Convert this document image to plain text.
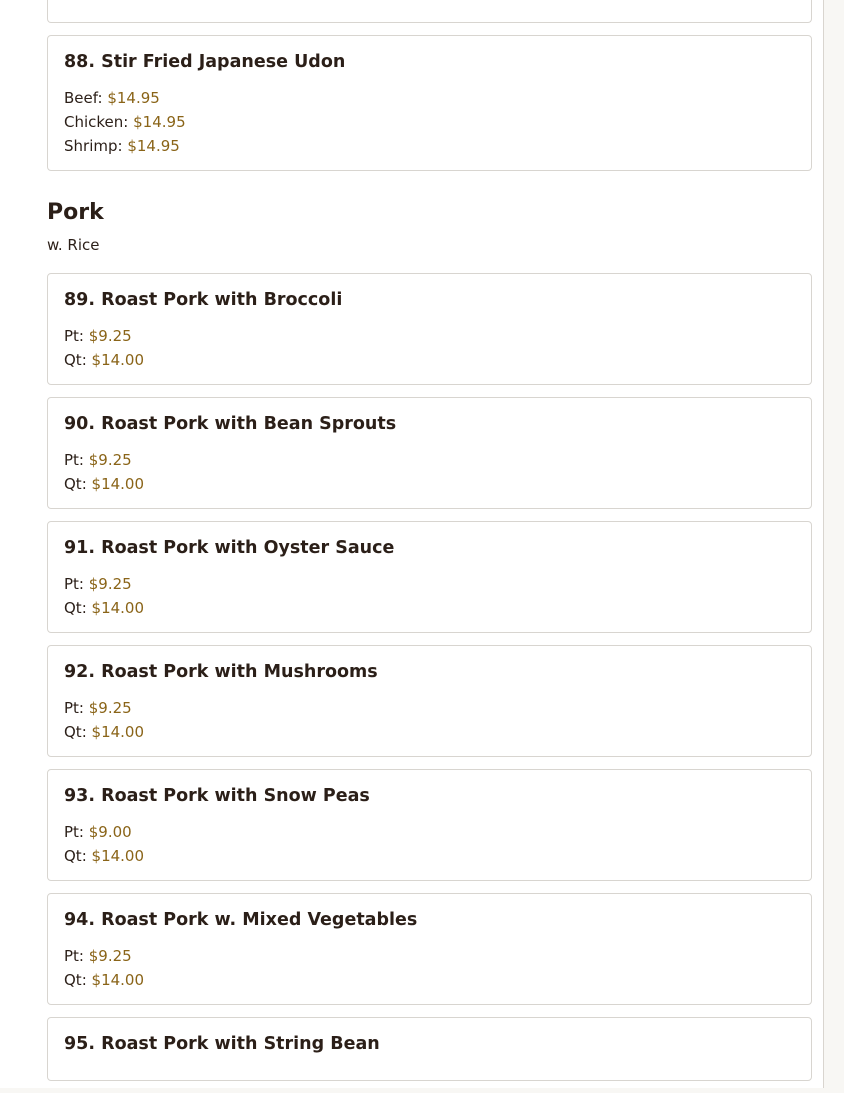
88. Stir Fried Japanese Udon
Beef: $14.95
Chicken: $14.95
Shrimp: $14.95
Pork
w. Rice
89. Roast Pork with Broccoli
Pt: $9.25
Qt: $14.00
90. Roast Pork with Bean Sprouts
Pt: $9.25
Qt: $14.00
91. Roast Pork with Oyster Sauce
Pt: $9.25
Qt: $14.00
92. Roast Pork with Mushrooms
Pt: $9.25
Qt: $14.00
93. Roast Pork with Snow Peas
Pt: $9.00
Qt: $14.00
94. Roast Pork w. Mixed Vegetables
Pt: $9.25
Qt: $14.00
95. Roast Pork with String Bean
